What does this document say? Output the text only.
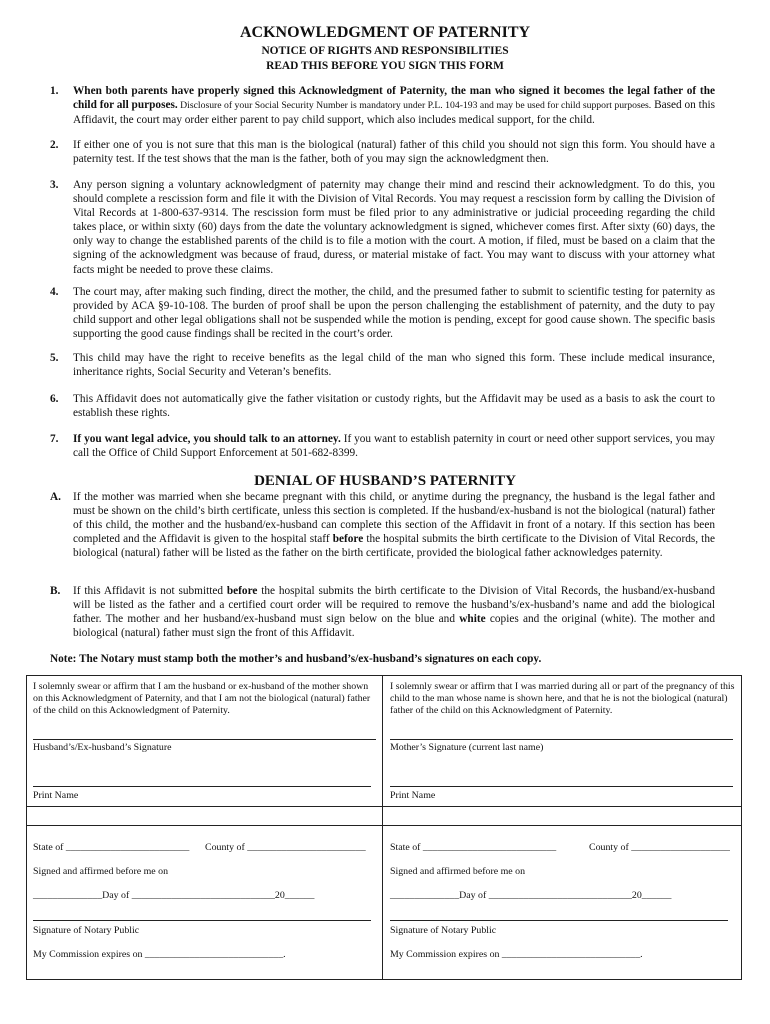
ACKNOWLEDGMENT OF PATERNITY
NOTICE OF RIGHTS AND RESPONSIBILITIES
READ THIS BEFORE YOU SIGN THIS FORM
1. When both parents have properly signed this Acknowledgment of Paternity, the man who signed it becomes the legal father of the child for all purposes. Disclosure of your Social Security Number is mandatory under P.L. 104-193 and may be used for child support purposes. Based on this Affidavit, the court may order either parent to pay child support, which also includes medical support, for the child.
2. If either one of you is not sure that this man is the biological (natural) father of this child you should not sign this form. You should have a paternity test. If the test shows that the man is the father, both of you may sign the acknowledgment then.
3. Any person signing a voluntary acknowledgment of paternity may change their mind and rescind their acknowledgment. To do this, you should complete a rescission form and file it with the Division of Vital Records. You may request a rescission form by calling the Division of Vital Records at 1-800-637-9314. The rescission form must be filed prior to any administrative or judicial proceeding regarding the child takes place, or within sixty (60) days from the date the voluntary acknowledgment is signed, whichever comes first. After sixty (60) days, the only way to change the established parents of the child is to file a motion with the court. A motion, if filed, must be based on a claim that the signing of the acknowledgment was because of fraud, duress, or material mistake of fact. You may want to discuss with your attorney what facts might be needed to prove these claims.
4. The court may, after making such finding, direct the mother, the child, and the presumed father to submit to scientific testing for paternity as provided by ACA §9-10-108. The burden of proof shall be upon the person challenging the establishment of paternity, and the duty to pay child support and other legal obligations shall not be suspended while the motion is pending, except for good cause shown. The specific basis supporting the good cause findings shall be recited in the court’s order.
5. This child may have the right to receive benefits as the legal child of the man who signed this form. These include medical insurance, inheritance rights, Social Security and Veteran’s benefits.
6. This Affidavit does not automatically give the father visitation or custody rights, but the Affidavit may be used as a basis to ask the court to establish these rights.
7. If you want legal advice, you should talk to an attorney. If you want to establish paternity in court or need other support services, you may call the Office of Child Support Enforcement at 501-682-8399.
DENIAL OF HUSBAND’S PATERNITY
A. If the mother was married when she became pregnant with this child, or anytime during the pregnancy, the husband is the legal father and must be shown on the child’s birth certificate, unless this section is completed. If the husband/ex-husband is not the biological (natural) father of this child, the mother and the husband/ex-husband can complete this section of the Affidavit in front of a notary. If this section has been completed and the Affidavit is given to the hospital staff before the hospital submits the birth certificate to the Division of Vital Records, the biological (natural) father will be listed as the father on the birth certificate, provided the biological father acknowledges paternity.
B. If this Affidavit is not submitted before the hospital submits the birth certificate to the Division of Vital Records, the husband/ex-husband will be listed as the father and a certified court order will be required to remove the husband’s/ex-husband’s name and add the biological father. The mother and her husband/ex-husband must sign below on the blue and white copies and the original (white). The mother and biological (natural) father must sign the front of this Affidavit.
Note: The Notary must stamp both the mother’s and husband’s/ex-husband’s signatures on each copy.
I solemnly swear or affirm that I am the husband or ex-husband of the mother shown on this Acknowledgment of Paternity, and that I am not the biological (natural) father of the child on this Acknowledgment of Paternity.
Husband’s/Ex-husband’s Signature
Print Name
State of _________________________ County of ________________________
Signed and affirmed before me on
______________Day of _____________________________20______
Signature of Notary Public
My Commission expires on ____________________________.
I solemnly swear or affirm that I was married during all or part of the pregnancy of this child to the man whose name is shown here, and that he is not the biological (natural) father of the child on this Acknowledgment of Paternity.
Mother’s Signature (current last name)
Print Name
State of ___________________________	County of ____________________
Signed and affirmed before me on
______________Day of _____________________________20______
Signature of Notary Public
My Commission expires on ____________________________.
